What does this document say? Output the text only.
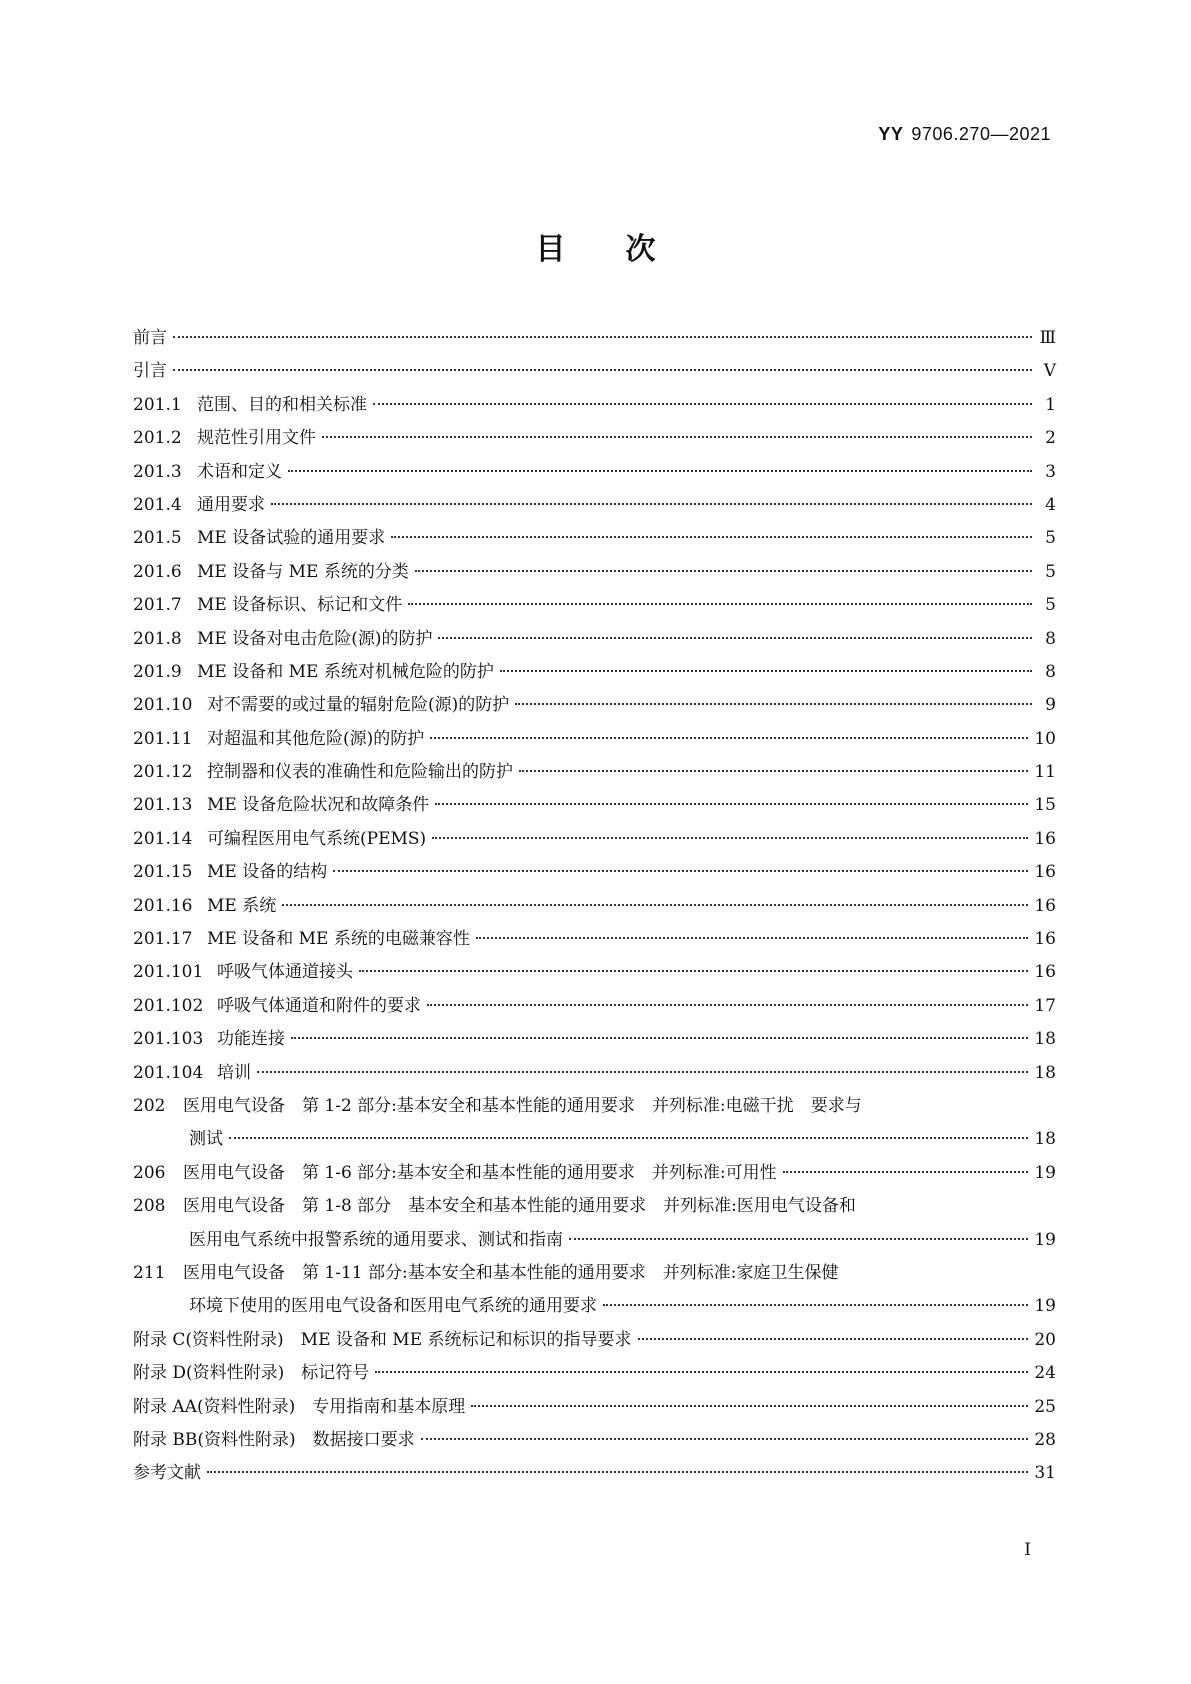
YY 9706.270—2021
目次
前言	Ⅲ
引言	Ⅴ
201.1 范围、目的和相关标准	1
201.2 规范性引用文件	2
201.3 术语和定义	3
201.4 通用要求	4
201.5 ME 设备试验的通用要求	5
201.6 ME 设备与 ME 系统的分类	5
201.7 ME 设备标识、标记和文件	5
201.8 ME 设备对电击危险(源)的防护	8
201.9 ME 设备和 ME 系统对机械危险的防护	8
201.10 对不需要的或过量的辐射危险(源)的防护	9
201.11 对超温和其他危险(源)的防护	10
201.12 控制器和仪表的准确性和危险输出的防护	11
201.13 ME 设备危险状况和故障条件	15
201.14 可编程医用电气系统(PEMS)	16
201.15 ME 设备的结构	16
201.16 ME 系统	16
201.17 ME 设备和 ME 系统的电磁兼容性	16
201.101 呼吸气体通道接头	16
201.102 呼吸气体通道和附件的要求	17
201.103 功能连接	18
201.104 培训	18
202 医用电气设备　第 1-2 部分:基本安全和基本性能的通用要求　并列标准:电磁干扰　要求与
测试	18
206 医用电气设备　第 1-6 部分:基本安全和基本性能的通用要求　并列标准:可用性	19
208 医用电气设备　第 1-8 部分　基本安全和基本性能的通用要求　并列标准:医用电气设备和
医用电气系统中报警系统的通用要求、测试和指南	19
211 医用电气设备　第 1-11 部分:基本安全和基本性能的通用要求　并列标准:家庭卫生保健
环境下使用的医用电气设备和医用电气系统的通用要求	19
附录 C(资料性附录)　ME 设备和 ME 系统标记和标识的指导要求	20
附录 D(资料性附录)　标记符号	24
附录 AA(资料性附录)　专用指南和基本原理	25
附录 BB(资料性附录)　数据接口要求	28
参考文献	31
I
